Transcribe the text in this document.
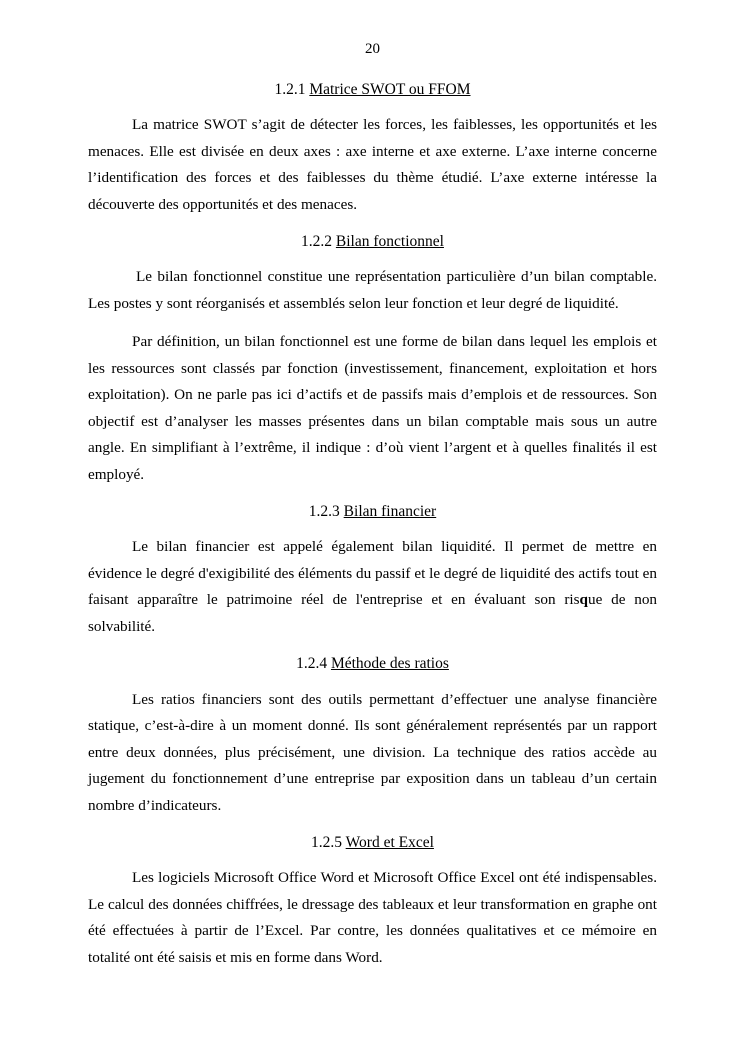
20
1.2.1 Matrice SWOT ou FFOM

La matrice SWOT s’agit de détecter les forces, les faiblesses, les opportunités et les menaces. Elle est divisée en deux axes : axe interne et axe externe. L’axe interne concerne l’identification des forces et des faiblesses du thème étudié. L’axe externe intéresse la découverte des opportunités et des menaces.

1.2.2 Bilan fonctionnel

Le bilan fonctionnel constitue une représentation particulière d’un bilan comptable. Les postes y sont réorganisés et assemblés selon leur fonction et leur degré de liquidité.

Par définition, un bilan fonctionnel est une forme de bilan dans lequel les emplois et les ressources sont classés par fonction (investissement, financement, exploitation et hors exploitation). On ne parle pas ici d’actifs et de passifs mais d’emplois et de ressources. Son objectif est d’analyser les masses présentes dans un bilan comptable mais sous un autre angle. En simplifiant à l’extrême, il indique : d’où vient l’argent et à quelles finalités il est employé.

1.2.3 Bilan financier

Le bilan financier est appelé également bilan liquidité. Il permet de mettre en évidence le degré d'exigibilité des éléments du passif et le degré de liquidité des actifs tout en faisant apparaître le patrimoine réel de l'entreprise et en évaluant son risque de non solvabilité.

1.2.4 Méthode des ratios

Les ratios financiers sont des outils permettant d’effectuer une analyse financière statique, c’est-à-dire à un moment donné. Ils sont généralement représentés par un rapport entre deux données, plus précisément, une division. La technique des ratios accède au jugement du fonctionnement d’une entreprise par exposition dans un tableau d’un certain nombre d’indicateurs.

1.2.5 Word et Excel

Les logiciels Microsoft Office Word et Microsoft Office Excel ont été indispensables. Le calcul des données chiffrées, le dressage des tableaux et leur transformation en graphe ont été effectuées à partir de l’Excel. Par contre, les données qualitatives et ce mémoire en totalité ont été saisis et mis en forme dans Word.
